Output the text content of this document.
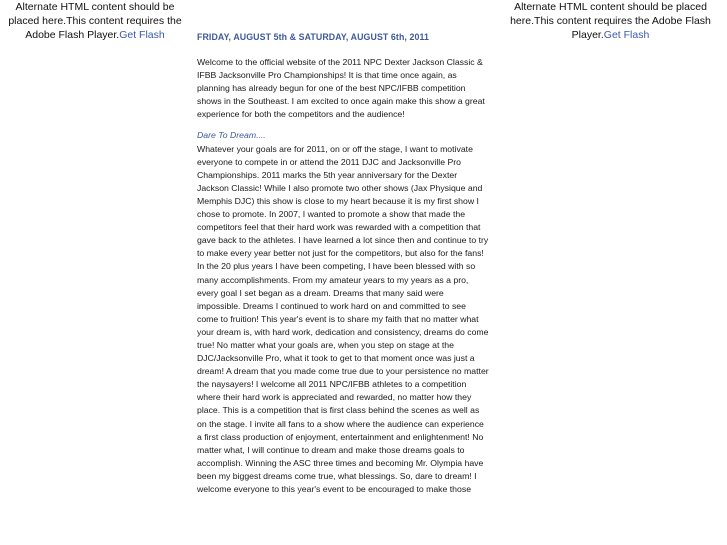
Alternate HTML content should be placed here.This content requires the Adobe Flash Player.Get Flash
Alternate HTML content should be placed here.This content requires the Adobe Flash Player.Get Flash
FRIDAY, AUGUST 5th & SATURDAY, AUGUST 6th, 2011

Welcome to the official website of the 2011 NPC Dexter Jackson Classic & IFBB Jacksonville Pro Championships! It is that time once again, as planning has already begun for one of the best NPC/IFBB competition shows in the Southeast. I am excited to once again make this show a great experience for both the competitors and the audience!

Dare To Dream....

Whatever your goals are for 2011, on or off the stage, I want to motivate everyone to compete in or attend the 2011 DJC and Jacksonville Pro Championships. 2011 marks the 5th year anniversary for the Dexter Jackson Classic! While I also promote two other shows (Jax Physique and Memphis DJC) this show is close to my heart because it is my first show I chose to promote. In 2007, I wanted to promote a show that made the competitors feel that their hard work was rewarded with a competition that gave back to the athletes. I have learned a lot since then and continue to try to make every year better not just for the competitors, but also for the fans! In the 20 plus years I have been competing, I have been blessed with so many accomplishments. From my amateur years to my years as a pro, every goal I set began as a dream. Dreams that many said were impossible. Dreams I continued to work hard on and committed to see come to fruition! This year's event is to share my faith that no matter what your dream is, with hard work, dedication and consistency, dreams do come true! No matter what your goals are, when you step on stage at the DJC/Jacksonville Pro, what it took to get to that moment once was just a dream! A dream that you made come true due to your persistence no matter the naysayers! I welcome all 2011 NPC/IFBB athletes to a competition where their hard work is appreciated and rewarded, no matter how they place. This is a competition that is first class behind the scenes as well as on the stage. I invite all fans to a show where the audience can experience a first class production of enjoyment, entertainment and enlightenment! No matter what, I will continue to dream and make those dreams goals to accomplish. Winning the ASC three times and becoming Mr. Olympia have been my biggest dreams come true, what blessings. So, dare to dream! I welcome everyone to this year's event to be encouraged to make those
